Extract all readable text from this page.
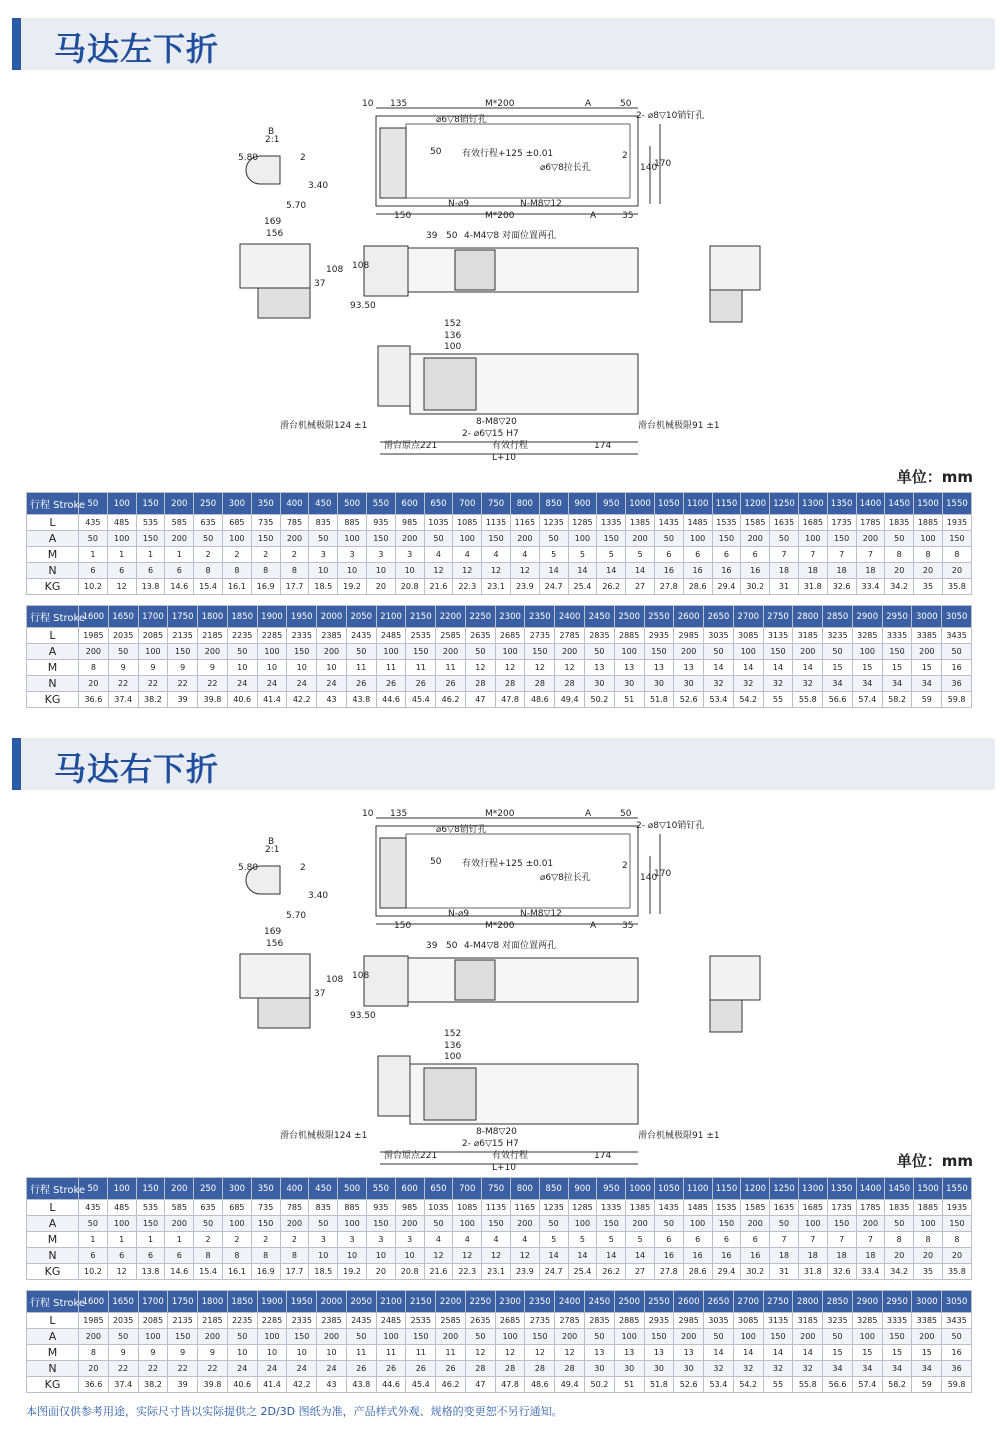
马达左下折
10 135	M*200	A	50
2- ⌀8▽10销钉孔
⌀6▽8销钉孔
50 有效行程+125 ±0.01
⌀6▽8拉长孔
2
140
170
N-⌀9	N-M8▽12
150	M*200	A	35
5.80	2
3.40
5.70
B
2:1
169
156
108
37
39 50 4-M4▽8 对面位置两孔
108
93.50
152
136
100
滑台机械极限124 ±1	滑台机械极限91 ±1
8-M8▽20
2- ⌀6▽15 H7
滑台原点221	有效行程	174
L+10
单位：mm
行程 Stroke	50	100	150	200	250	300	350	400	450	500	550	600	650	700	750	800	850	900	950	1000	1050	1100	1150	1200	1250	1300	1350	1400	1450	1500	1550
L	435	485	535	585	635	685	735	785	835	885	935	985	1035	1085	1135	1165	1235	1285	1335	1385	1435	1485	1535	1585	1635	1685	1735	1785	1835	1885	1935
A	50	100	150	200	50	100	150	200	50	100	150	200	50	100	150	200	50	100	150	200	50	100	150	200	50	100	150	200	50	100	150
M	1	1	1	1	2	2	2	2	3	3	3	3	4	4	4	4	5	5	5	5	6	6	6	6	7	7	7	7	8	8	8
N	6	6	6	6	8	8	8	8	10	10	10	10	12	12	12	12	14	14	14	14	16	16	16	16	18	18	18	18	20	20	20
KG	10.2	12	13.8	14.6	15.4	16.1	16.9	17.7	18.5	19.2	20	20.8	21.6	22.3	23.1	23.9	24.7	25.4	26.2	27	27.8	28.6	29.4	30.2	31	31.8	32.6	33.4	34.2	35	35.8
行程 Stroke	1600	1650	1700	1750	1800	1850	1900	1950	2000	2050	2100	2150	2200	2250	2300	2350	2400	2450	2500	2550	2600	2650	2700	2750	2800	2850	2900	2950	3000	3050
L	1985	2035	2085	2135	2185	2235	2285	2335	2385	2435	2485	2535	2585	2635	2685	2735	2785	2835	2885	2935	2985	3035	3085	3135	3185	3235	3285	3335	3385	3435
A	200	50	100	150	200	50	100	150	200	50	100	150	200	50	100	150	200	50	100	150	200	50	100	150	200	50	100	150	200	50
M	8	9	9	9	9	10	10	10	10	11	11	11	11	12	12	12	12	13	13	13	13	14	14	14	14	15	15	15	15	16
N	20	22	22	22	22	24	24	24	24	26	26	26	26	28	28	28	28	30	30	30	30	32	32	32	32	34	34	34	34	36
KG	36.6	37.4	38.2	39	39.8	40.6	41.4	42.2	43	43.8	44.6	45.4	46.2	47	47.8	48.6	49.4	50.2	51	51.8	52.6	53.4	54.2	55	55.8	56.6	57.4	58.2	59	59.8
马达右下折
10 135	M*200	A	50
2- ⌀8▽10销钉孔
⌀6▽8销钉孔
50 有效行程+125 ±0.01
⌀6▽8拉长孔
2
140
170
N-⌀9	N-M8▽12
150	M*200	A	35
5.80	2
3.40
5.70
B
2:1
169
156
108
37
39 50 4-M4▽8 对面位置两孔
108
93.50
152
136
100
滑台机械极限124 ±1	滑台机械极限91 ±1
8-M8▽20
2- ⌀6▽15 H7
滑台原点221	有效行程	174
L+10	单位：mm
行程 Stroke	50	100	150	200	250	300	350	400	450	500	550	600	650	700	750	800	850	900	950	1000	1050	1100	1150	1200	1250	1300	1350	1400	1450	1500	1550
L	435	485	535	585	635	685	735	785	835	885	935	985	1035	1085	1135	1165	1235	1285	1335	1385	1435	1485	1535	1585	1635	1685	1735	1785	1835	1885	1935
A	50	100	150	200	50	100	150	200	50	100	150	200	50	100	150	200	50	100	150	200	50	100	150	200	50	100	150	200	50	100	150
M	1	1	1	1	2	2	2	2	3	3	3	3	4	4	4	4	5	5	5	5	6	6	6	6	7	7	7	7	8	8	8
N	6	6	6	6	8	8	8	8	10	10	10	10	12	12	12	12	14	14	14	14	16	16	16	16	18	18	18	18	20	20	20
KG	10.2	12	13.8	14.6	15.4	16.1	16.9	17.7	18.5	19.2	20	20.8	21.6	22.3	23.1	23.9	24.7	25.4	26.2	27	27.8	28.6	29.4	30.2	31	31.8	32.6	33.4	34.2	35	35.8
行程 Stroke	1600	1650	1700	1750	1800	1850	1900	1950	2000	2050	2100	2150	2200	2250	2300	2350	2400	2450	2500	2550	2600	2650	2700	2750	2800	2850	2900	2950	3000	3050
L	1985	2035	2085	2135	2185	2235	2285	2335	2385	2435	2485	2535	2585	2635	2685	2735	2785	2835	2885	2935	2985	3035	3085	3135	3185	3235	3285	3335	3385	3435
A	200	50	100	150	200	50	100	150	200	50	100	150	200	50	100	150	200	50	100	150	200	50	100	150	200	50	100	150	200	50
M	8	9	9	9	9	10	10	10	10	11	11	11	11	12	12	12	12	13	13	13	13	14	14	14	14	15	15	15	15	16
N	20	22	22	22	22	24	24	24	24	26	26	26	26	28	28	28	28	30	30	30	30	32	32	32	32	34	34	34	34	36
KG	36.6	37.4	38.2	39	39.8	40.6	41.4	42.2	43	43.8	44.6	45.4	46.2	47	47.8	48.6	49.4	50.2	51	51.8	52.6	53.4	54.2	55	55.8	56.6	57.4	58.2	59	59.8
本图面仅供参考用途，实际尺寸皆以实际提供之 2D/3D 图纸为准，产品样式外观、规格的变更恕不另行通知。
